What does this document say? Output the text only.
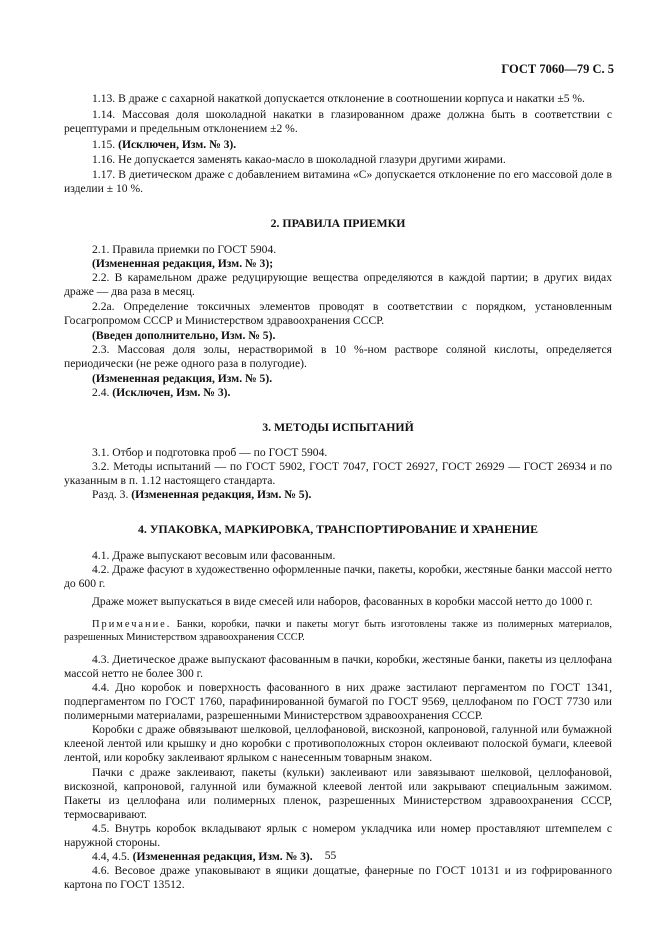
ГОСТ 7060—79 С. 5

1.13. В драже с сахарной накаткой допускается отклонение в соотношении корпуса и накатки ±5 %.

1.14. Массовая доля шоколадной накатки в глазированном драже должна быть в соответствии с рецептурами и предельным отклонением ±2 %.

1.15. (Исключен, Изм. № 3).

1.16. Не допускается заменять какао-масло в шоколадной глазури другими жирами.

1.17. В диетическом драже с добавлением витамина «С» допускается отклонение по его массовой доле в изделии ± 10 %.

2. ПРАВИЛА ПРИЕМКИ

2.1. Правила приемки по ГОСТ 5904.

(Измененная редакция, Изм. № 3);

2.2. В карамельном драже редуцирующие вещества определяются в каждой партии; в других видах драже — два раза в месяц.

2.2а. Определение токсичных элементов проводят в соответствии с порядком, установленным Госагропромом СССР и Министерством здравоохранения СССР.

(Введен дополнительно, Изм. № 5).

2.3. Массовая доля золы, нерастворимой в 10 %-ном растворе соляной кислоты, определяется периодически (не реже одного раза в полугодие).

(Измененная редакция, Изм. № 5).

2.4. (Исключен, Изм. № 3).

3. МЕТОДЫ ИСПЫТАНИЙ

3.1. Отбор и подготовка проб — по ГОСТ 5904.

3.2. Методы испытаний — по ГОСТ 5902, ГОСТ 7047, ГОСТ 26927, ГОСТ 26929 — ГОСТ 26934 и по указанным в п. 1.12 настоящего стандарта.

Разд. 3. (Измененная редакция, Изм. № 5).

4. УПАКОВКА, МАРКИРОВКА, ТРАНСПОРТИРОВАНИЕ И ХРАНЕНИЕ

4.1. Драже выпускают весовым или фасованным.

4.2. Драже фасуют в художественно оформленные пачки, пакеты, коробки, жестяные банки массой нетто до 600 г.

Драже может выпускаться в виде смесей или наборов, фасованных в коробки массой нетто до 1000 г.

Примечание. Банки, коробки, пачки и пакеты могут быть изготовлены также из полимерных материалов, разрешенных Министерством здравоохранения СССР.

4.3. Диетическое драже выпускают фасованным в пачки, коробки, жестяные банки, пакеты из целлофана массой нетто не более 300 г.

4.4. Дно коробок и поверхность фасованного в них драже застилают пергаментом по ГОСТ 1341, подпергаментом по ГОСТ 1760, парафинированной бумагой по ГОСТ 9569, целлофаном по ГОСТ 7730 или полимерными материалами, разрешенными Министерством здравоохранения СССР.

Коробки с драже обвязывают шелковой, целлофановой, вискозной, капроновой, галунной или бумажной клееной лентой или крышку и дно коробки с противоположных сторон оклеивают полоской бумаги, клеевой лентой, или коробку заклеивают ярлыком с нанесенным товарным знаком.

Пачки с драже заклеивают, пакеты (кульки) заклеивают или завязывают шелковой, целлофановой, вискозной, капроновой, галунной или бумажной клеевой лентой или закрывают специальным зажимом. Пакеты из целлофана или полимерных пленок, разрешенных Министерством здравоохранения СССР, термосваривают.

4.5. Внутрь коробок вкладывают ярлык с номером укладчика или номер проставляют штемпелем с наружной стороны.

4.4, 4.5. (Измененная редакция, Изм. № 3).

4.6. Весовое драже упаковывают в ящики дощатые, фанерные по ГОСТ 10131 и из гофрированного картона по ГОСТ 13512.

55
